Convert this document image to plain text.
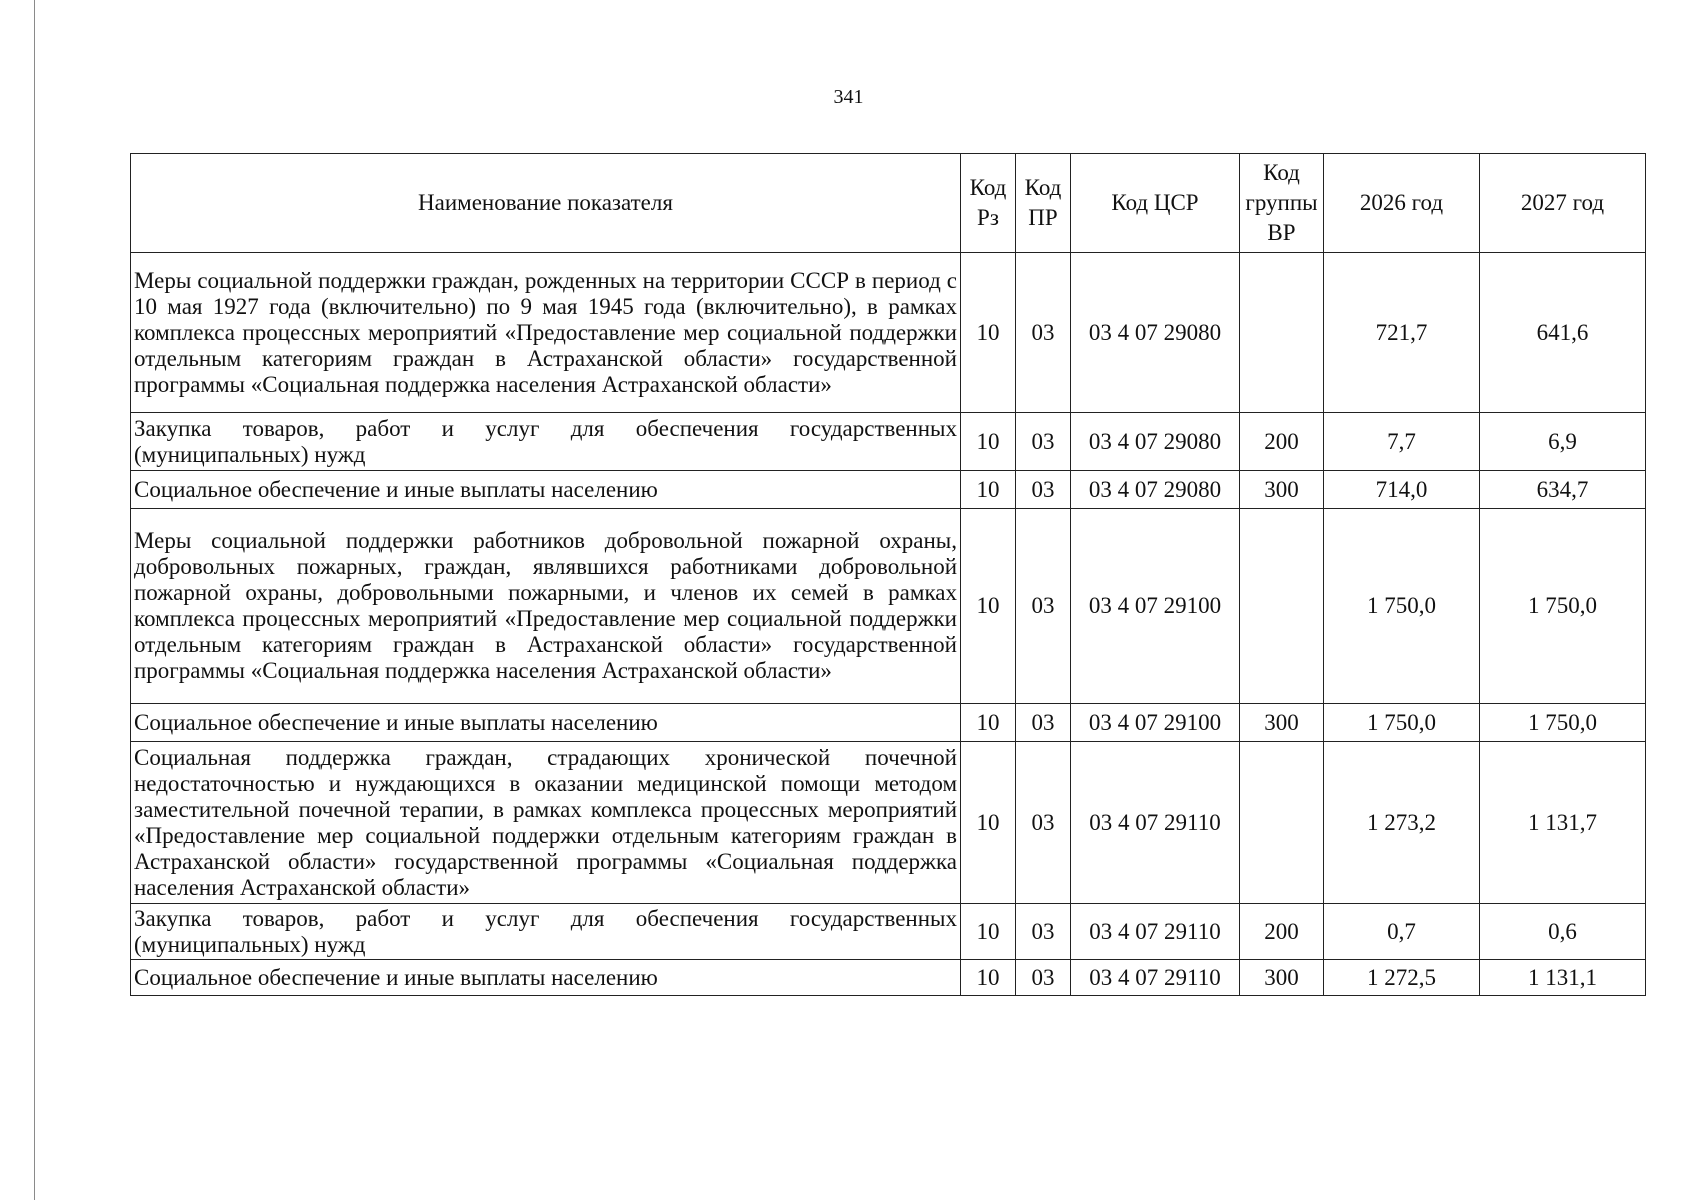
341
Наименование показателя	Код Рз	Код ПР	Код ЦСР	Код группы ВР	2026 год	2027 год
Меры социальной поддержки граждан, рожденных на территории СССР в период с 10 мая 1927 года (включительно) по 9 мая 1945 года (включительно), в рамках комплекса процессных мероприятий «Предоставление мер социальной поддержки отдельным категориям граждан в Астраханской области» государственной программы «Социальная поддержка населения Астраханской области»	10	03	03 4 07 29080		721,7	641,6
Закупка товаров, работ и услуг для обеспечения государственных (муниципальных) нужд	10	03	03 4 07 29080	200	7,7	6,9
Социальное обеспечение и иные выплаты населению	10	03	03 4 07 29080	300	714,0	634,7
Меры социальной поддержки работников добровольной пожарной охраны, добровольных пожарных, граждан, являвшихся работниками добровольной пожарной охраны, добровольными пожарными, и членов их семей в рамках комплекса процессных мероприятий «Предоставление мер социальной поддержки отдельным категориям граждан в Астраханской области» государственной программы «Социальная поддержка населения Астраханской области»	10	03	03 4 07 29100		1 750,0	1 750,0
Социальное обеспечение и иные выплаты населению	10	03	03 4 07 29100	300	1 750,0	1 750,0
Социальная поддержка граждан, страдающих хронической почечной недостаточностью и нуждающихся в оказании медицинской помощи методом заместительной почечной терапии, в рамках комплекса процессных мероприятий «Предоставление мер социальной поддержки отдельным категориям граждан в Астраханской области» государственной программы «Социальная поддержка населения Астраханской области»	10	03	03 4 07 29110		1 273,2	1 131,7
Закупка товаров, работ и услуг для обеспечения государственных (муниципальных) нужд	10	03	03 4 07 29110	200	0,7	0,6
Социальное обеспечение и иные выплаты населению	10	03	03 4 07 29110	300	1 272,5	1 131,1
